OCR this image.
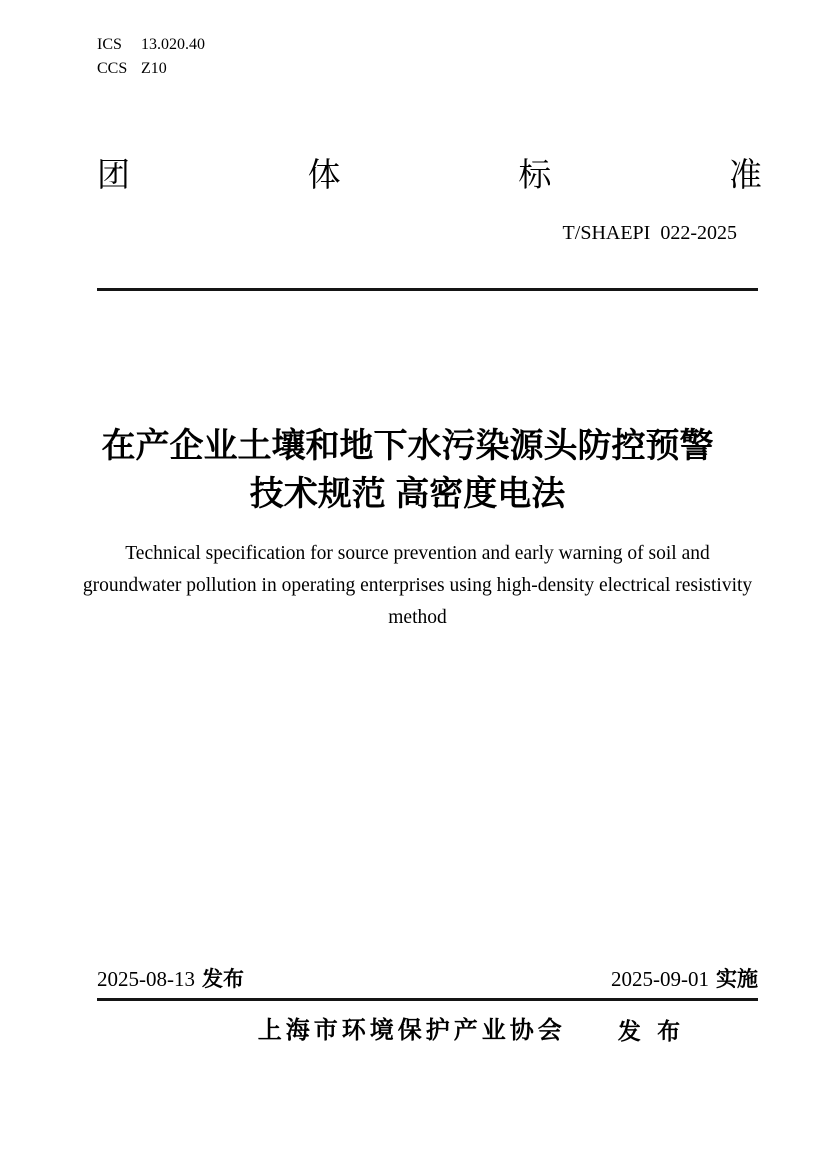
ICS 13.020.40
CCS Z10
团	体	标	准
T/SHAEPI  022-2025
在产企业土壤和地下水污染源头防控预警
技术规范 高密度电法
Technical specification for source prevention and early warning of soil and
groundwater pollution in operating enterprises using high-density electrical resistivity
method
2025-08-13 发布	2025-09-01 实施
上海市环境保护产业协会 发 布
